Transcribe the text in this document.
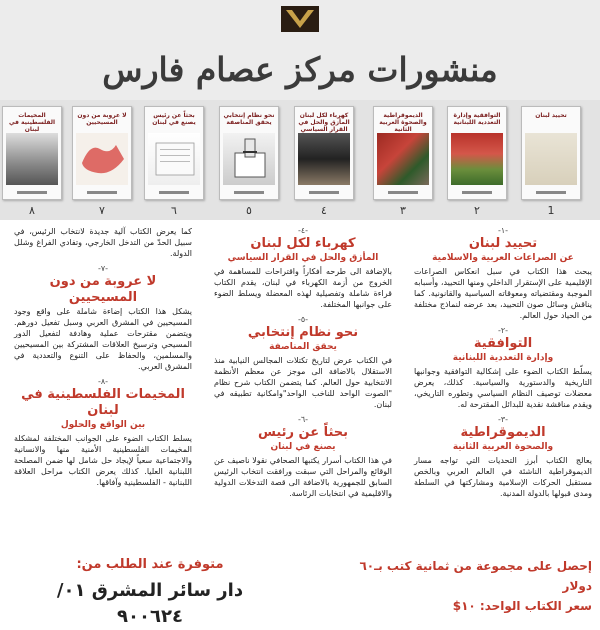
منشورات مركز عصام فارس
تحييد لبنان
1
التوافقية وإدارة التعددية اللبنانية
٢
الديموقراطية والصحوة العربية الثانية
٣
كهرباء لكل لبنان المأزق والحل في القرار السياسي
٤
نحو نظام إنتخابي يحقق المناصفة
٥
بحثاً عن رئيس يصنع في لبنان
٦
لا عروبة من دون المسيحيين
٧
المخيمات الفلسطينية في لبنان
٨
-١-
تحييد لبنان
عن الصراعات العربية والاسلامية
يبحث هذا الكتاب في سبل انعكاس الصراعات الإقليمية على الإستقرار الداخلي ومنها التحييد، وأسبابه الموجبة ومقتضياته ومعوقاته السياسية والقانونية. كما يناقش وسائل صون التحييد، بعد عرضه لنماذج مختلفة من الحياد حول العالم.
-٢-
التوافقية
وإدارة التعددية اللبنانية
يسلّط الكتاب الضوء على إشكالية التوافقية وجوانبها التاريخية والدستورية والسياسية. كذلك، يعرض معضلات توصيف النظام السياسي وتطوره التاريخي، ويقدم مناقشة نقدية للبدائل المقترحة له.
-٣-
الديموقراطية
والصحوة العربية الثانية
يعالج الكتاب أبرز التحديات التي تواجه مسار الديموقراطية الناشئة في العالم العربي وبالخص مستقبل الحركات الإسلامية ومشاركتها في السلطة ومدى قبولها بالدولة المدنية.
-٤-
كهرباء لكل لبنان
المأزق والحل في القرار السياسي
بالإضافة الى طرحه أفكاراً واقتراحات للمساهمة في الخروج من أزمة الكهرباء في لبنان، يقدم الكتاب قراءة شاملة وتفصيلية لهذه المعضلة ويسلط الضوء على جوانبها المختلفة.
-٥-
نحو نظام إنتخابي
يحقق المناصفة
في الكتاب عرض لتاريخ تكتلات المجالس النيابية منذ الاستقلال بالاضافة الى موجز عن معظم الأنظمة الانتخابية حول العالم. كما يتضمن الكتاب شرح نظام "الصوت الواحد للناخب الواحد"وامكانية تطبيقه في لبنان.
-٦-
بحثاً عن رئيس
يصنع في لبنان
في هذا الكتاب أسرار يكتبها الصحافي نقولا ناصيف عن الوقائع والمراحل التي سبقت ورافقت انتخاب الرئيس السابق للجمهورية بالاضافة الى قصة التدخلات الدولية والاقليمية في انتخابات الرئاسة.
كما يعرض الكتاب آلية جديدة لانتخاب الرئيس، في سبيل الحدّ من التدخل الخارجي، وتفادي الفراغ وشلل الدولة.
-٧-
لا عروبة من دون المسيحيين
يشكل هذا الكتاب إضاءة شاملة على واقع وجود المسيحيين في المشرق العربي وسبل تفعيل دورهم. ويتضمن مقترحات عملية وهادفة لتفعيل الدور المسيحي وترسيخ العلاقات المشتركة بين المسيحيين والمسلمين، والحفاظ على التنوع والتعددية في المشرق العربي.
-٨-
المخيمات الفلسطينية في لبنان
بين الواقع والحلول
يسلط الكتاب الضوء على الجوانب المختلفة لمشكلة المخيمات الفلسطينية الأمنية منها والانسانية والاجتماعية سعياً لإيجاد حل شامل لها ضمن المصلحة اللبنانية العليا. كذلك يعرض الكتاب مراحل العلاقة اللبنانية - الفلسطينية وآفاقها.
إحصل على مجموعة من ثمانية كتب بـ٦٠ دولار
سعر الكتاب الواحد: ١٠$
متوفرة عند الطلب من:
دار سائر المشرق ٠١/ ٩٠٠٦٢٤
